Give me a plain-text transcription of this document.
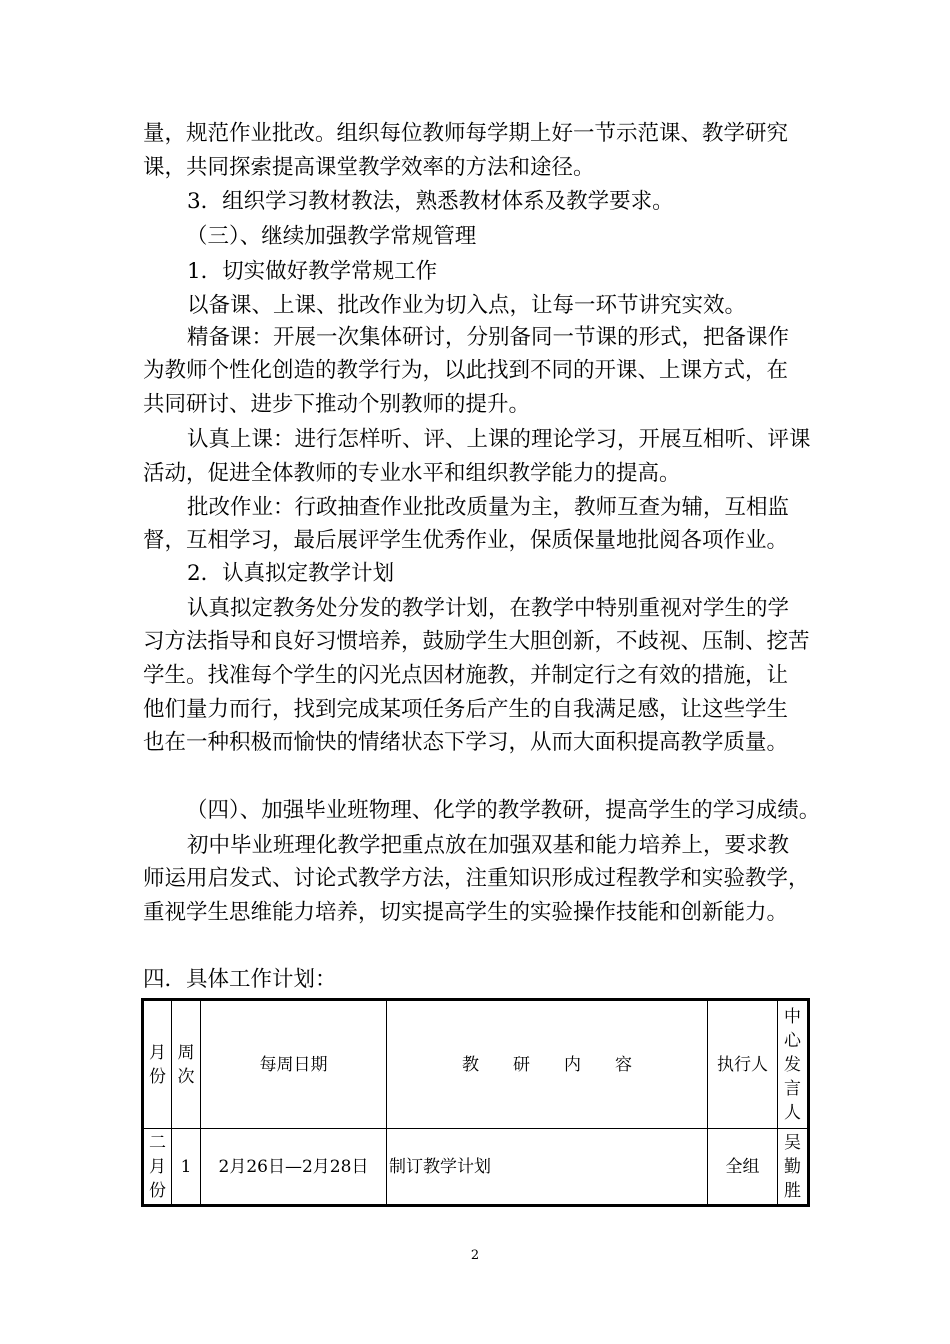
量，规范作业批改。组织每位教师每学期上好一节示范课、教学研究
课，共同探索提高课堂教学效率的方法和途径。
3．组织学习教材教法，熟悉教材体系及教学要求。
（三）、继续加强教学常规管理
1．切实做好教学常规工作
以备课、上课、批改作业为切入点，让每一环节讲究实效。
精备课：开展一次集体研讨，分别备同一节课的形式，把备课作
为教师个性化创造的教学行为，以此找到不同的开课、上课方式，在
共同研讨、进步下推动个别教师的提升。
认真上课：进行怎样听、评、上课的理论学习，开展互相听、评课
活动，促进全体教师的专业水平和组织教学能力的提高。
批改作业：行政抽查作业批改质量为主，教师互查为辅，互相监
督，互相学习，最后展评学生优秀作业，保质保量地批阅各项作业。
2．认真拟定教学计划
认真拟定教务处分发的教学计划，在教学中特别重视对学生的学
习方法指导和良好习惯培养，鼓励学生大胆创新，不歧视、压制、挖苦
学生。找准每个学生的闪光点因材施教，并制定行之有效的措施，让
他们量力而行，找到完成某项任务后产生的自我满足感，让这些学生
也在一种积极而愉快的情绪状态下学习，从而大面积提高教学质量。
（四）、加强毕业班物理、化学的教学教研，提高学生的学习成绩。
初中毕业班理化教学把重点放在加强双基和能力培养上，要求教
师运用启发式、讨论式教学方法，注重知识形成过程教学和实验教学，
重视学生思维能力培养，切实提高学生的实验操作技能和创新能力。
四．具体工作计划：
月份	周次	每周日期	教　　研　　内　　容	执行人	中心发言人

二月份	1	2月26日—2月28日	制订教学计划	全组	吴勤胜
2
